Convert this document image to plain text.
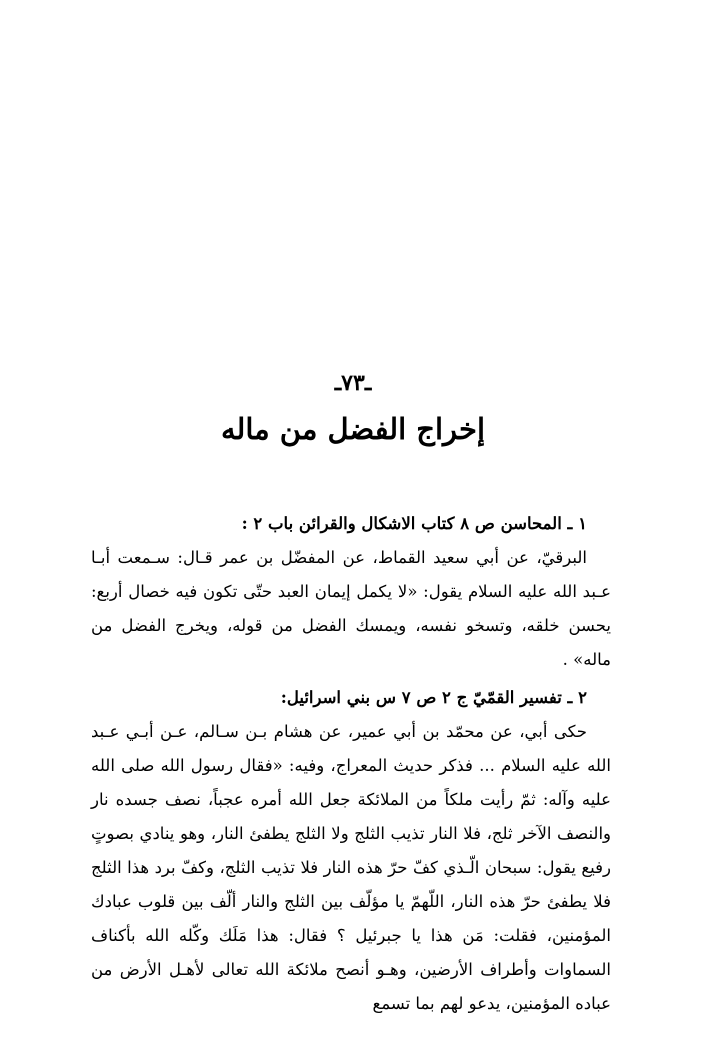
ـ٧٣ـ
إخراج الفضل من ماله

١ ـ المحاسن ص ٨ كتاب الاشكال والقرائن باب ٢ :

البرقيّ، عن أبي سعيد القماط، عن المفضّل بن عمر قـال: سـمعت أبـا عـبد الله عليه السلام يقول: «لا يكمل إيمان العبد حتّى تكون فيه خصال أربع: يحسن خلقه، وتسخو نفسه، ويمسك الفضل من قوله، ويخرج الفضل من ماله» .

٢ ـ تفسير القمّيّ ج ٢ ص ٧ س بني اسرائيل:

حكى أبي، عن محمّد بن أبي عمير، عن هشام بـن سـالم، عـن أبـي عـبد الله عليه السلام ... فذكر حديث المعراج، وفيه: «فقال رسول الله صلى الله عليه وآله: ثمّ رأيت ملكاً من الملائكة جعل الله أمره عجباً، نصف جسده نار والنصف الآخر ثلج، فلا النار تذيب الثلج ولا الثلج يطفئ النار، وهو ينادي بصوتٍ رفيع يقول: سبحان الّـذي كفّ حرّ هذه النار فلا تذيب الثلج، وكفّ برد هذا الثلج فلا يطفئ حرّ هذه النار، اللّهمّ يا مؤلّف بين الثلج والنار ألّف بين قلوب عبادك المؤمنين، فقلت: مَن هذا يا جبرئيل ؟ فقال: هذا مَلَك وكّله الله بأكناف السماوات وأطراف الأرضين، وهـو أنصح ملائكة الله تعالى لأهـل الأرض من عباده المؤمنين، يدعو لهم بما تسمع
